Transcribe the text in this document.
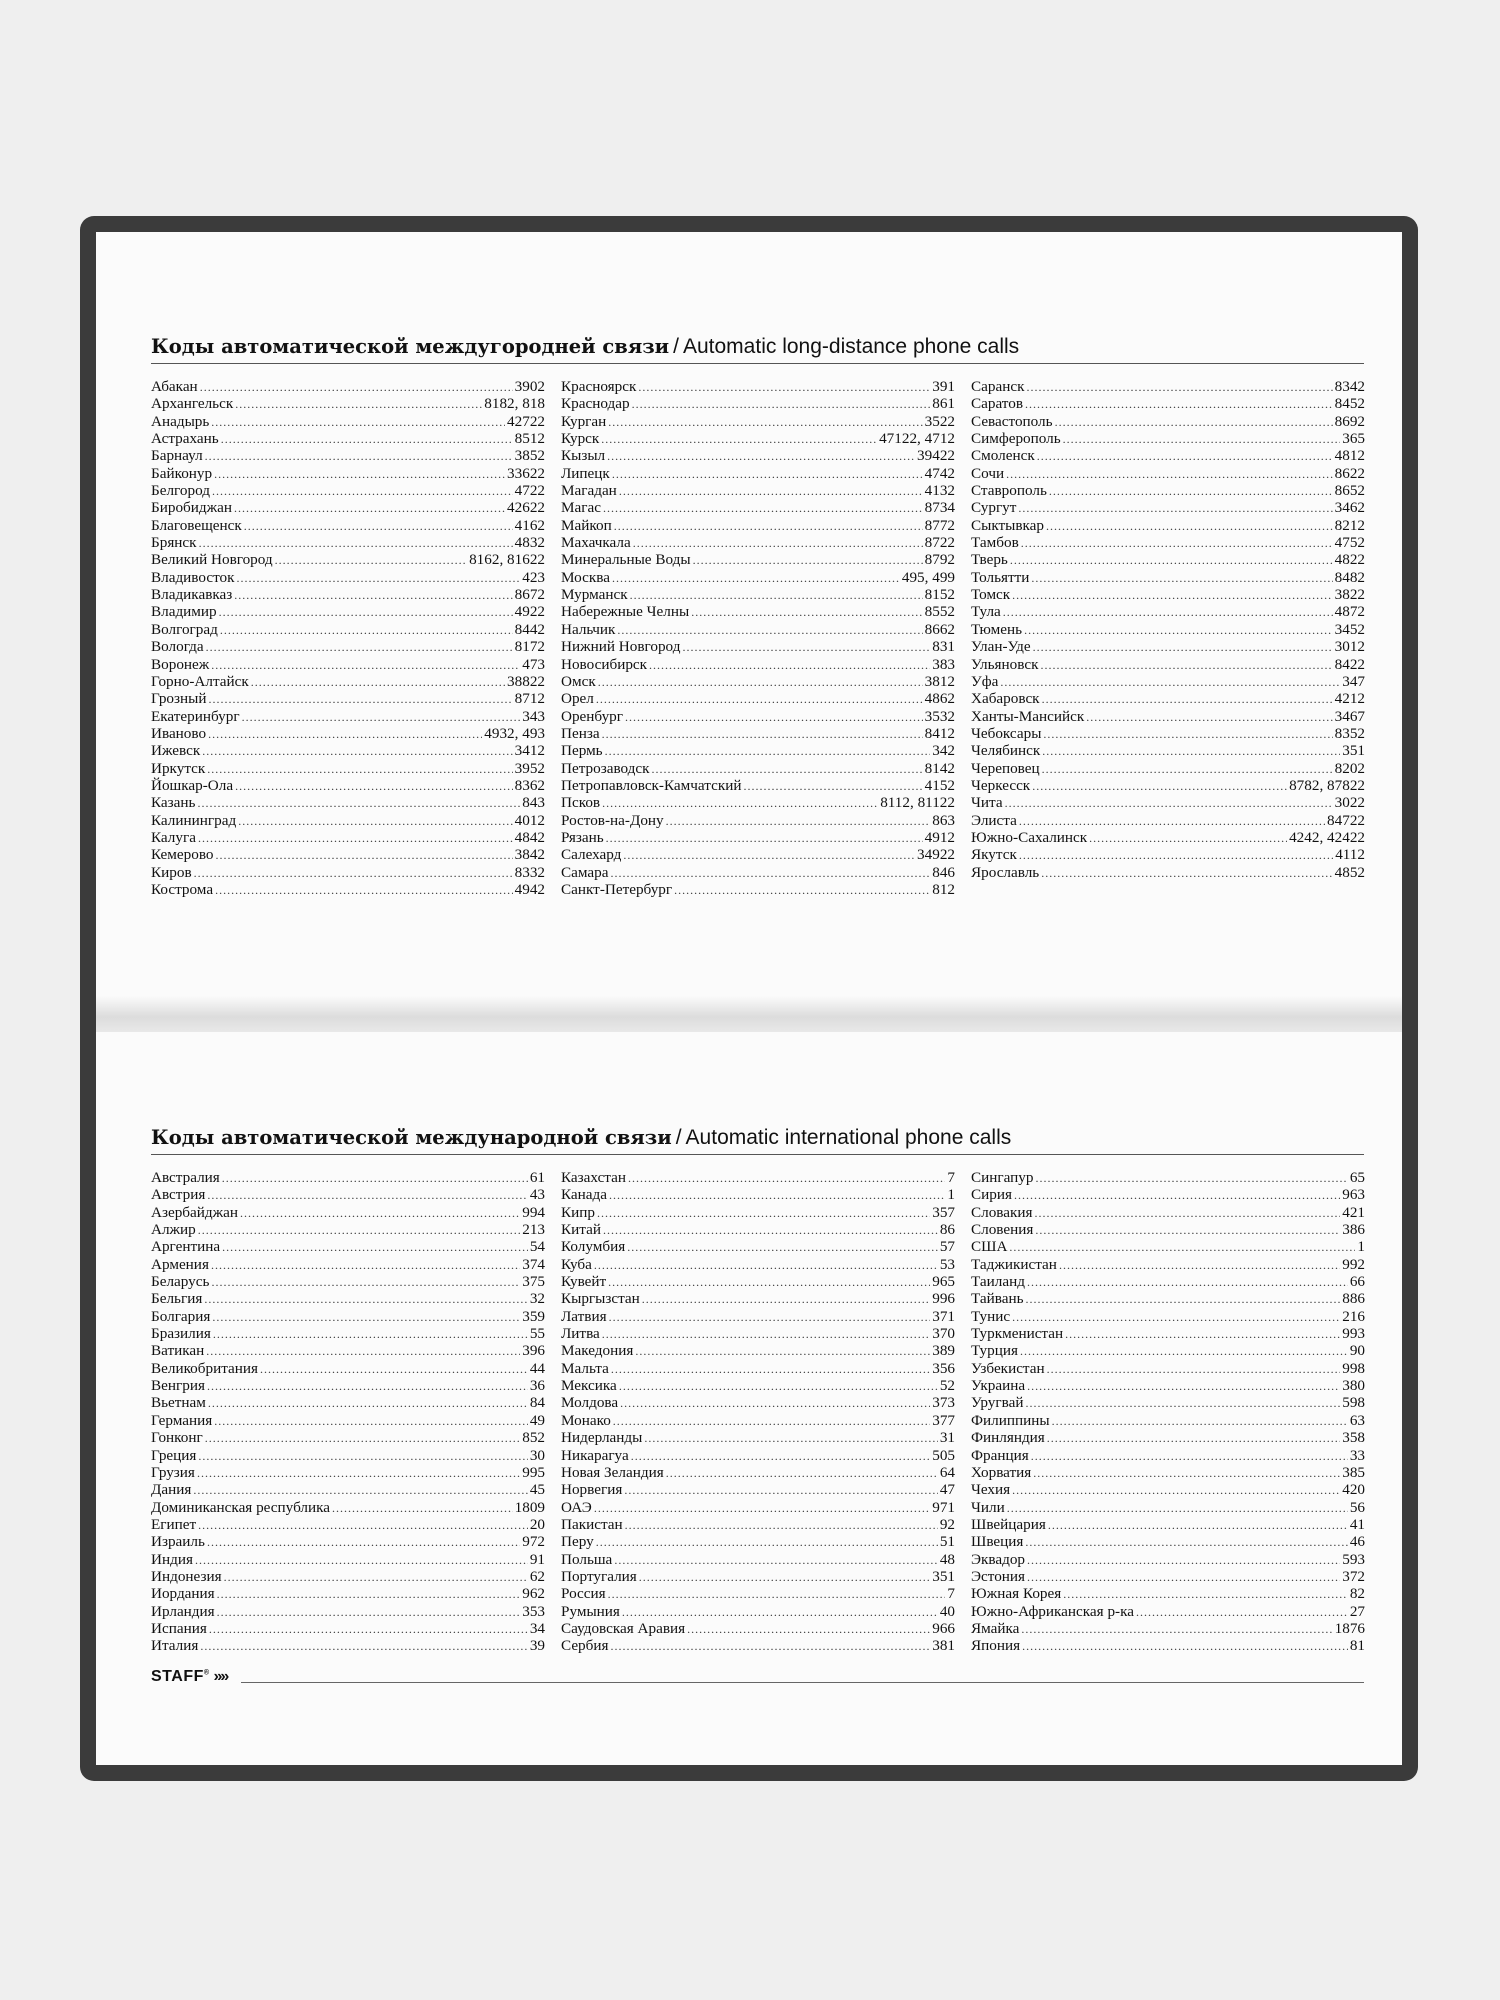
Коды автоматической междугородней связи / Automatic long-distance phone calls
Абакан .....	3902
Архангельск .....	8182, 818
Анадырь .....	42722
Астрахань .....	8512
Барнаул .....	3852
Байконур .....	33622
Белгород .....	4722
Биробиджан .....	42622
Благовещенск .....	4162
Брянск .....	4832
Великий Новгород .....	8162, 81622
Владивосток .....	423
Владикавказ .....	8672
Владимир .....	4922
Волгоград .....	8442
Вологда .....	8172
Воронеж .....	473
Горно-Алтайск .....	38822
Грозный .....	8712
Екатеринбург .....	343
Иваново .....	4932, 493
Ижевск .....	3412
Иркутск .....	3952
Йошкар-Ола .....	8362
Казань .....	843
Калининград .....	4012
Калуга .....	4842
Кемерово .....	3842
Киров .....	8332
Кострома .....	4942
Красноярск .....	391
Краснодар .....	861
Курган .....	3522
Курск .....	47122, 4712
Кызыл .....	39422
Липецк .....	4742
Магадан .....	4132
Магас .....	8734
Майкоп .....	8772
Махачкала .....	8722
Минеральные Воды .....	8792
Москва .....	495, 499
Мурманск .....	8152
Набережные Челны .....	8552
Нальчик .....	8662
Нижний Новгород .....	831
Новосибирск .....	383
Омск .....	3812
Орел .....	4862
Оренбург .....	3532
Пенза .....	8412
Пермь .....	342
Петрозаводск .....	8142
Петропавловск-Камчатский .....	4152
Псков .....	8112, 81122
Ростов-на-Дону .....	863
Рязань .....	4912
Салехард .....	34922
Самара .....	846
Санкт-Петербург .....	812
Саранск .....	8342
Саратов .....	8452
Севастополь .....	8692
Симферополь .....	365
Смоленск .....	4812
Сочи .....	8622
Ставрополь .....	8652
Сургут .....	3462
Сыктывкар .....	8212
Тамбов .....	4752
Тверь .....	4822
Тольятти .....	8482
Томск .....	3822
Тула .....	4872
Тюмень .....	3452
Улан-Уде .....	3012
Ульяновск .....	8422
Уфа .....	347
Хабаровск .....	4212
Ханты-Мансийск .....	3467
Чебоксары .....	8352
Челябинск .....	351
Череповец .....	8202
Черкесск .....	8782, 87822
Чита .....	3022
Элиста .....	84722
Южно-Сахалинск .....	4242, 42422
Якутск .....	4112
Ярославль .....	4852
Коды автоматической международной связи / Automatic international phone calls
Австралия .....	61
Австрия .....	43
Азербайджан .....	994
Алжир .....	213
Аргентина .....	54
Армения .....	374
Беларусь .....	375
Бельгия .....	32
Болгария .....	359
Бразилия .....	55
Ватикан .....	396
Великобритания .....	44
Венгрия .....	36
Вьетнам .....	84
Германия .....	49
Гонконг .....	852
Греция .....	30
Грузия .....	995
Дания .....	45
Доминиканская республика .....	1809
Египет .....	20
Израиль .....	972
Индия .....	91
Индонезия .....	62
Иордания .....	962
Ирландия .....	353
Испания .....	34
Италия .....	39
Казахстан .....	7
Канада .....	1
Кипр .....	357
Китай .....	86
Колумбия .....	57
Куба .....	53
Кувейт .....	965
Кыргызстан .....	996
Латвия .....	371
Литва .....	370
Македония .....	389
Мальта .....	356
Мексика .....	52
Молдова .....	373
Монако .....	377
Нидерланды .....	31
Никарагуа .....	505
Новая Зеландия .....	64
Норвегия .....	47
ОАЭ .....	971
Пакистан .....	92
Перу .....	51
Польша .....	48
Португалия .....	351
Россия .....	7
Румыния .....	40
Саудовская Аравия .....	966
Сербия .....	381
Сингапур .....	65
Сирия .....	963
Словакия .....	421
Словения .....	386
США .....	1
Таджикистан .....	992
Таиланд .....	66
Тайвань .....	886
Тунис .....	216
Туркменистан .....	993
Турция .....	90
Узбекистан .....	998
Украина .....	380
Уругвай .....	598
Филиппины .....	63
Финляндия .....	358
Франция .....	33
Хорватия .....	385
Чехия .....	420
Чили .....	56
Швейцария .....	41
Швеция .....	46
Эквадор .....	593
Эстония .....	372
Южная Корея .....	82
Южно-Африканская р-ка .....	27
Ямайка .....	1876
Япония .....	81
STAFF® »»
